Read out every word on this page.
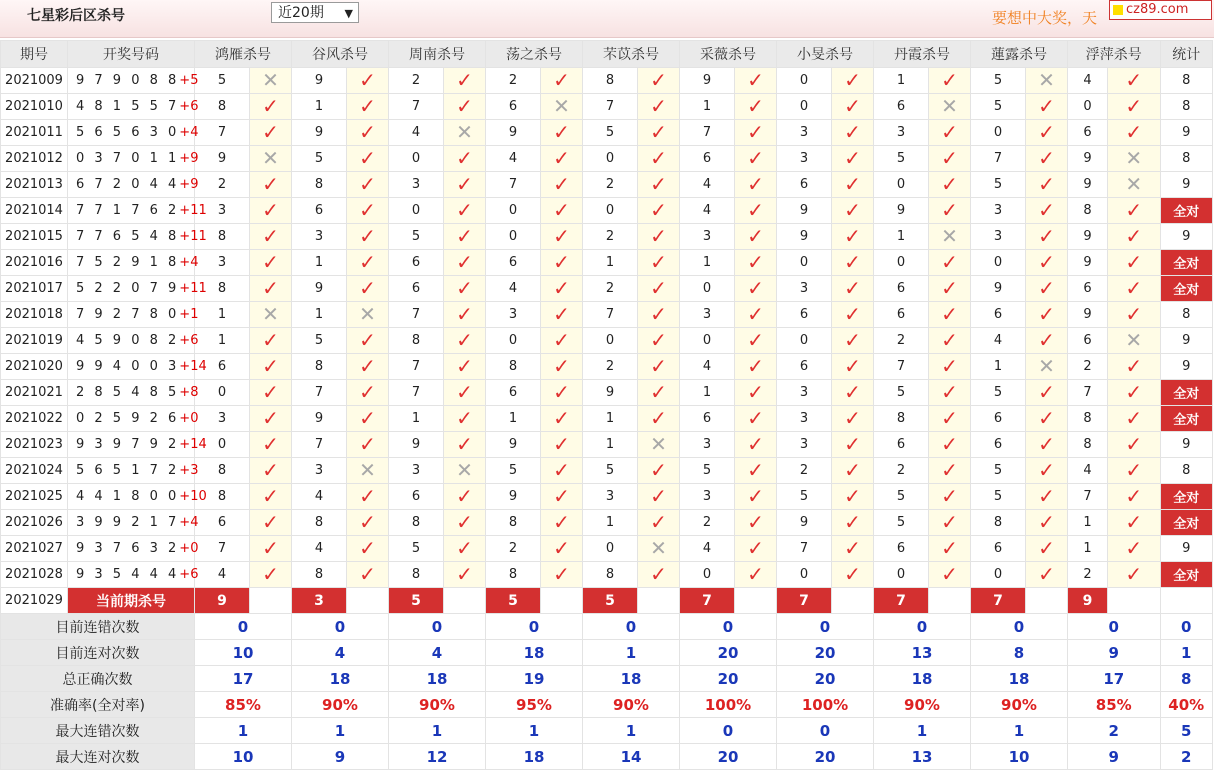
七星彩后区杀号	近20期 ▼	要想中大奖，天	cz89.com
期号	开奖号码	鸿雁杀号		谷风杀号		周南杀号		荡之杀号		芣苡杀号		采薇杀号		小旻杀号		丹霞杀号		蓮露杀号		浮萍杀号		统计
2021009	9 7 9 0 8 8+5	5	✕	9	✓	2	✓	2	✓	8	✓	9	✓	0	✓	1	✓	5	✕	4	✓	8
2021010	4 8 1 5 5 7+6	8	✓	1	✓	7	✓	6	✕	7	✓	1	✓	0	✓	6	✕	5	✓	0	✓	8
2021011	5 6 5 6 3 0+4	7	✓	9	✓	4	✕	9	✓	5	✓	7	✓	3	✓	3	✓	0	✓	6	✓	9
2021012	0 3 7 0 1 1+9	9	✕	5	✓	0	✓	4	✓	0	✓	6	✓	3	✓	5	✓	7	✓	9	✕	8
2021013	6 7 2 0 4 4+9	2	✓	8	✓	3	✓	7	✓	2	✓	4	✓	6	✓	0	✓	5	✓	9	✕	9
2021014	7 7 1 7 6 2+11	3	✓	6	✓	0	✓	0	✓	0	✓	4	✓	9	✓	9	✓	3	✓	8	✓	全对
2021015	7 7 6 5 4 8+11	8	✓	3	✓	5	✓	0	✓	2	✓	3	✓	9	✓	1	✕	3	✓	9	✓	9
2021016	7 5 2 9 1 8+4	3	✓	1	✓	6	✓	6	✓	1	✓	1	✓	0	✓	0	✓	0	✓	9	✓	全对
2021017	5 2 2 0 7 9+11	8	✓	9	✓	6	✓	4	✓	2	✓	0	✓	3	✓	6	✓	9	✓	6	✓	全对
2021018	7 9 2 7 8 0+1	1	✕	1	✕	7	✓	3	✓	7	✓	3	✓	6	✓	6	✓	6	✓	9	✓	8
2021019	4 5 9 0 8 2+6	1	✓	5	✓	8	✓	0	✓	0	✓	0	✓	0	✓	2	✓	4	✓	6	✕	9
2021020	9 9 4 0 0 3+14	6	✓	8	✓	7	✓	8	✓	2	✓	4	✓	6	✓	7	✓	1	✕	2	✓	9
2021021	2 8 5 4 8 5+8	0	✓	7	✓	7	✓	6	✓	9	✓	1	✓	3	✓	5	✓	5	✓	7	✓	全对
2021022	0 2 5 9 2 6+0	3	✓	9	✓	1	✓	1	✓	1	✓	6	✓	3	✓	8	✓	6	✓	8	✓	全对
2021023	9 3 9 7 9 2+14	0	✓	7	✓	9	✓	9	✓	1	✕	3	✓	3	✓	6	✓	6	✓	8	✓	9
2021024	5 6 5 1 7 2+3	8	✓	3	✕	3	✕	5	✓	5	✓	5	✓	2	✓	2	✓	5	✓	4	✓	8
2021025	4 4 1 8 0 0+10	8	✓	4	✓	6	✓	9	✓	3	✓	3	✓	5	✓	5	✓	5	✓	7	✓	全对
2021026	3 9 9 2 1 7+4	6	✓	8	✓	8	✓	8	✓	1	✓	2	✓	9	✓	5	✓	8	✓	1	✓	全对
2021027	9 3 7 6 3 2+0	7	✓	4	✓	5	✓	2	✓	0	✕	4	✓	7	✓	6	✓	6	✓	1	✓	9
2021028	9 3 5 4 4 4+6	4	✓	8	✓	8	✓	8	✓	8	✓	0	✓	0	✓	0	✓	0	✓	2	✓	全对
2021029	当前期杀号	9		3		5		5		5		7		7		7		7		9		
目前连错次数		0		0		0		0		0		0		0		0		0		0		0
目前连对次数		10		4		4		18		1		20		20		13		8		9		1
总正确次数		17		18		18		19		18		20		20		18		18		17		8
准确率(全对率)		85%		90%		90%		95%		90%		100%		100%		90%		90%		85%		40%
最大连错次数		1		1		1		1		1		0		0		1		1		2		5
最大连对次数		10		9		12		18		14		20		20		13		10		9		2
